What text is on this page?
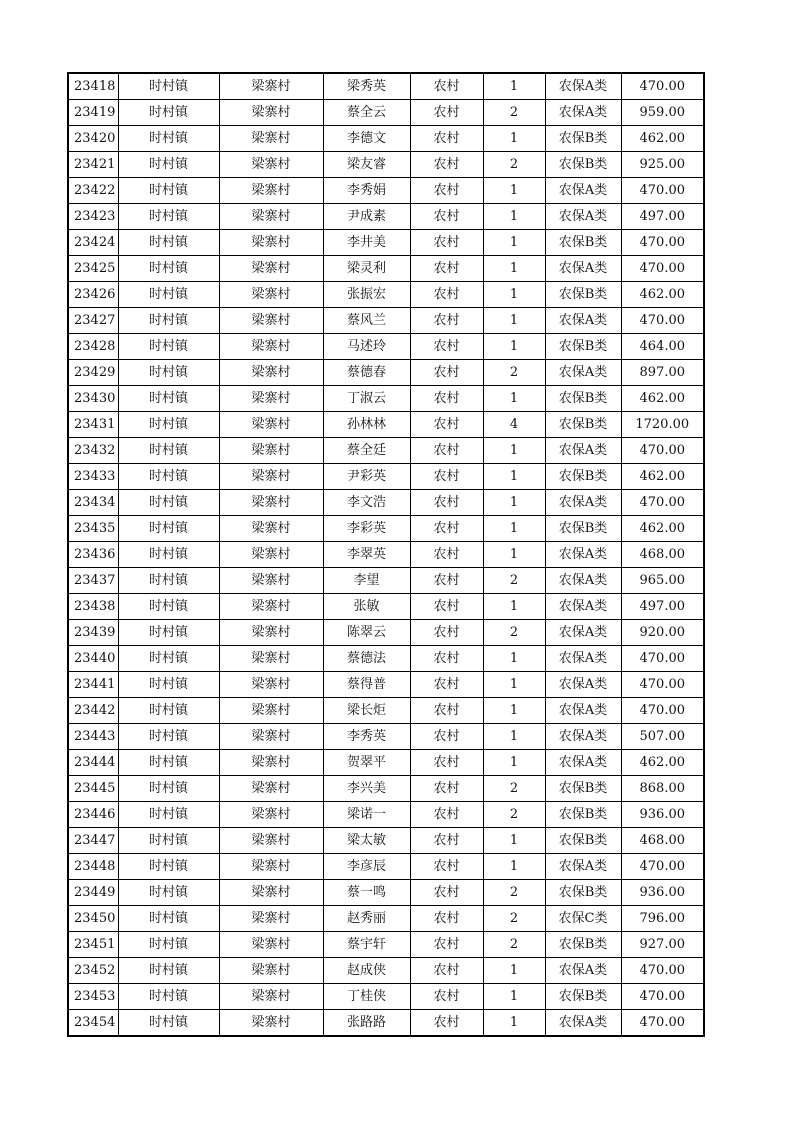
23418	时村镇	梁寨村	梁秀英	农村	1	农保A类	470.00
23419	时村镇	梁寨村	蔡全云	农村	2	农保A类	959.00
23420	时村镇	梁寨村	李德文	农村	1	农保B类	462.00
23421	时村镇	梁寨村	梁友睿	农村	2	农保B类	925.00
23422	时村镇	梁寨村	李秀娟	农村	1	农保A类	470.00
23423	时村镇	梁寨村	尹成素	农村	1	农保A类	497.00
23424	时村镇	梁寨村	李井美	农村	1	农保B类	470.00
23425	时村镇	梁寨村	梁灵利	农村	1	农保A类	470.00
23426	时村镇	梁寨村	张振宏	农村	1	农保B类	462.00
23427	时村镇	梁寨村	蔡风兰	农村	1	农保A类	470.00
23428	时村镇	梁寨村	马述玲	农村	1	农保B类	464.00
23429	时村镇	梁寨村	蔡德春	农村	2	农保A类	897.00
23430	时村镇	梁寨村	丁淑云	农村	1	农保B类	462.00
23431	时村镇	梁寨村	孙林林	农村	4	农保B类	1720.00
23432	时村镇	梁寨村	蔡全廷	农村	1	农保A类	470.00
23433	时村镇	梁寨村	尹彩英	农村	1	农保B类	462.00
23434	时村镇	梁寨村	李文浩	农村	1	农保A类	470.00
23435	时村镇	梁寨村	李彩英	农村	1	农保B类	462.00
23436	时村镇	梁寨村	李翠英	农村	1	农保A类	468.00
23437	时村镇	梁寨村	李望	农村	2	农保A类	965.00
23438	时村镇	梁寨村	张敏	农村	1	农保A类	497.00
23439	时村镇	梁寨村	陈翠云	农村	2	农保A类	920.00
23440	时村镇	梁寨村	蔡德法	农村	1	农保A类	470.00
23441	时村镇	梁寨村	蔡得普	农村	1	农保A类	470.00
23442	时村镇	梁寨村	梁长炬	农村	1	农保A类	470.00
23443	时村镇	梁寨村	李秀英	农村	1	农保A类	507.00
23444	时村镇	梁寨村	贺翠平	农村	1	农保A类	462.00
23445	时村镇	梁寨村	李兴美	农村	2	农保B类	868.00
23446	时村镇	梁寨村	梁诺一	农村	2	农保B类	936.00
23447	时村镇	梁寨村	梁太敏	农村	1	农保B类	468.00
23448	时村镇	梁寨村	李彦辰	农村	1	农保A类	470.00
23449	时村镇	梁寨村	蔡一鸣	农村	2	农保B类	936.00
23450	时村镇	梁寨村	赵秀丽	农村	2	农保C类	796.00
23451	时村镇	梁寨村	蔡宇轩	农村	2	农保B类	927.00
23452	时村镇	梁寨村	赵成侠	农村	1	农保A类	470.00
23453	时村镇	梁寨村	丁桂侠	农村	1	农保B类	470.00
23454	时村镇	梁寨村	张路路	农村	1	农保A类	470.00
